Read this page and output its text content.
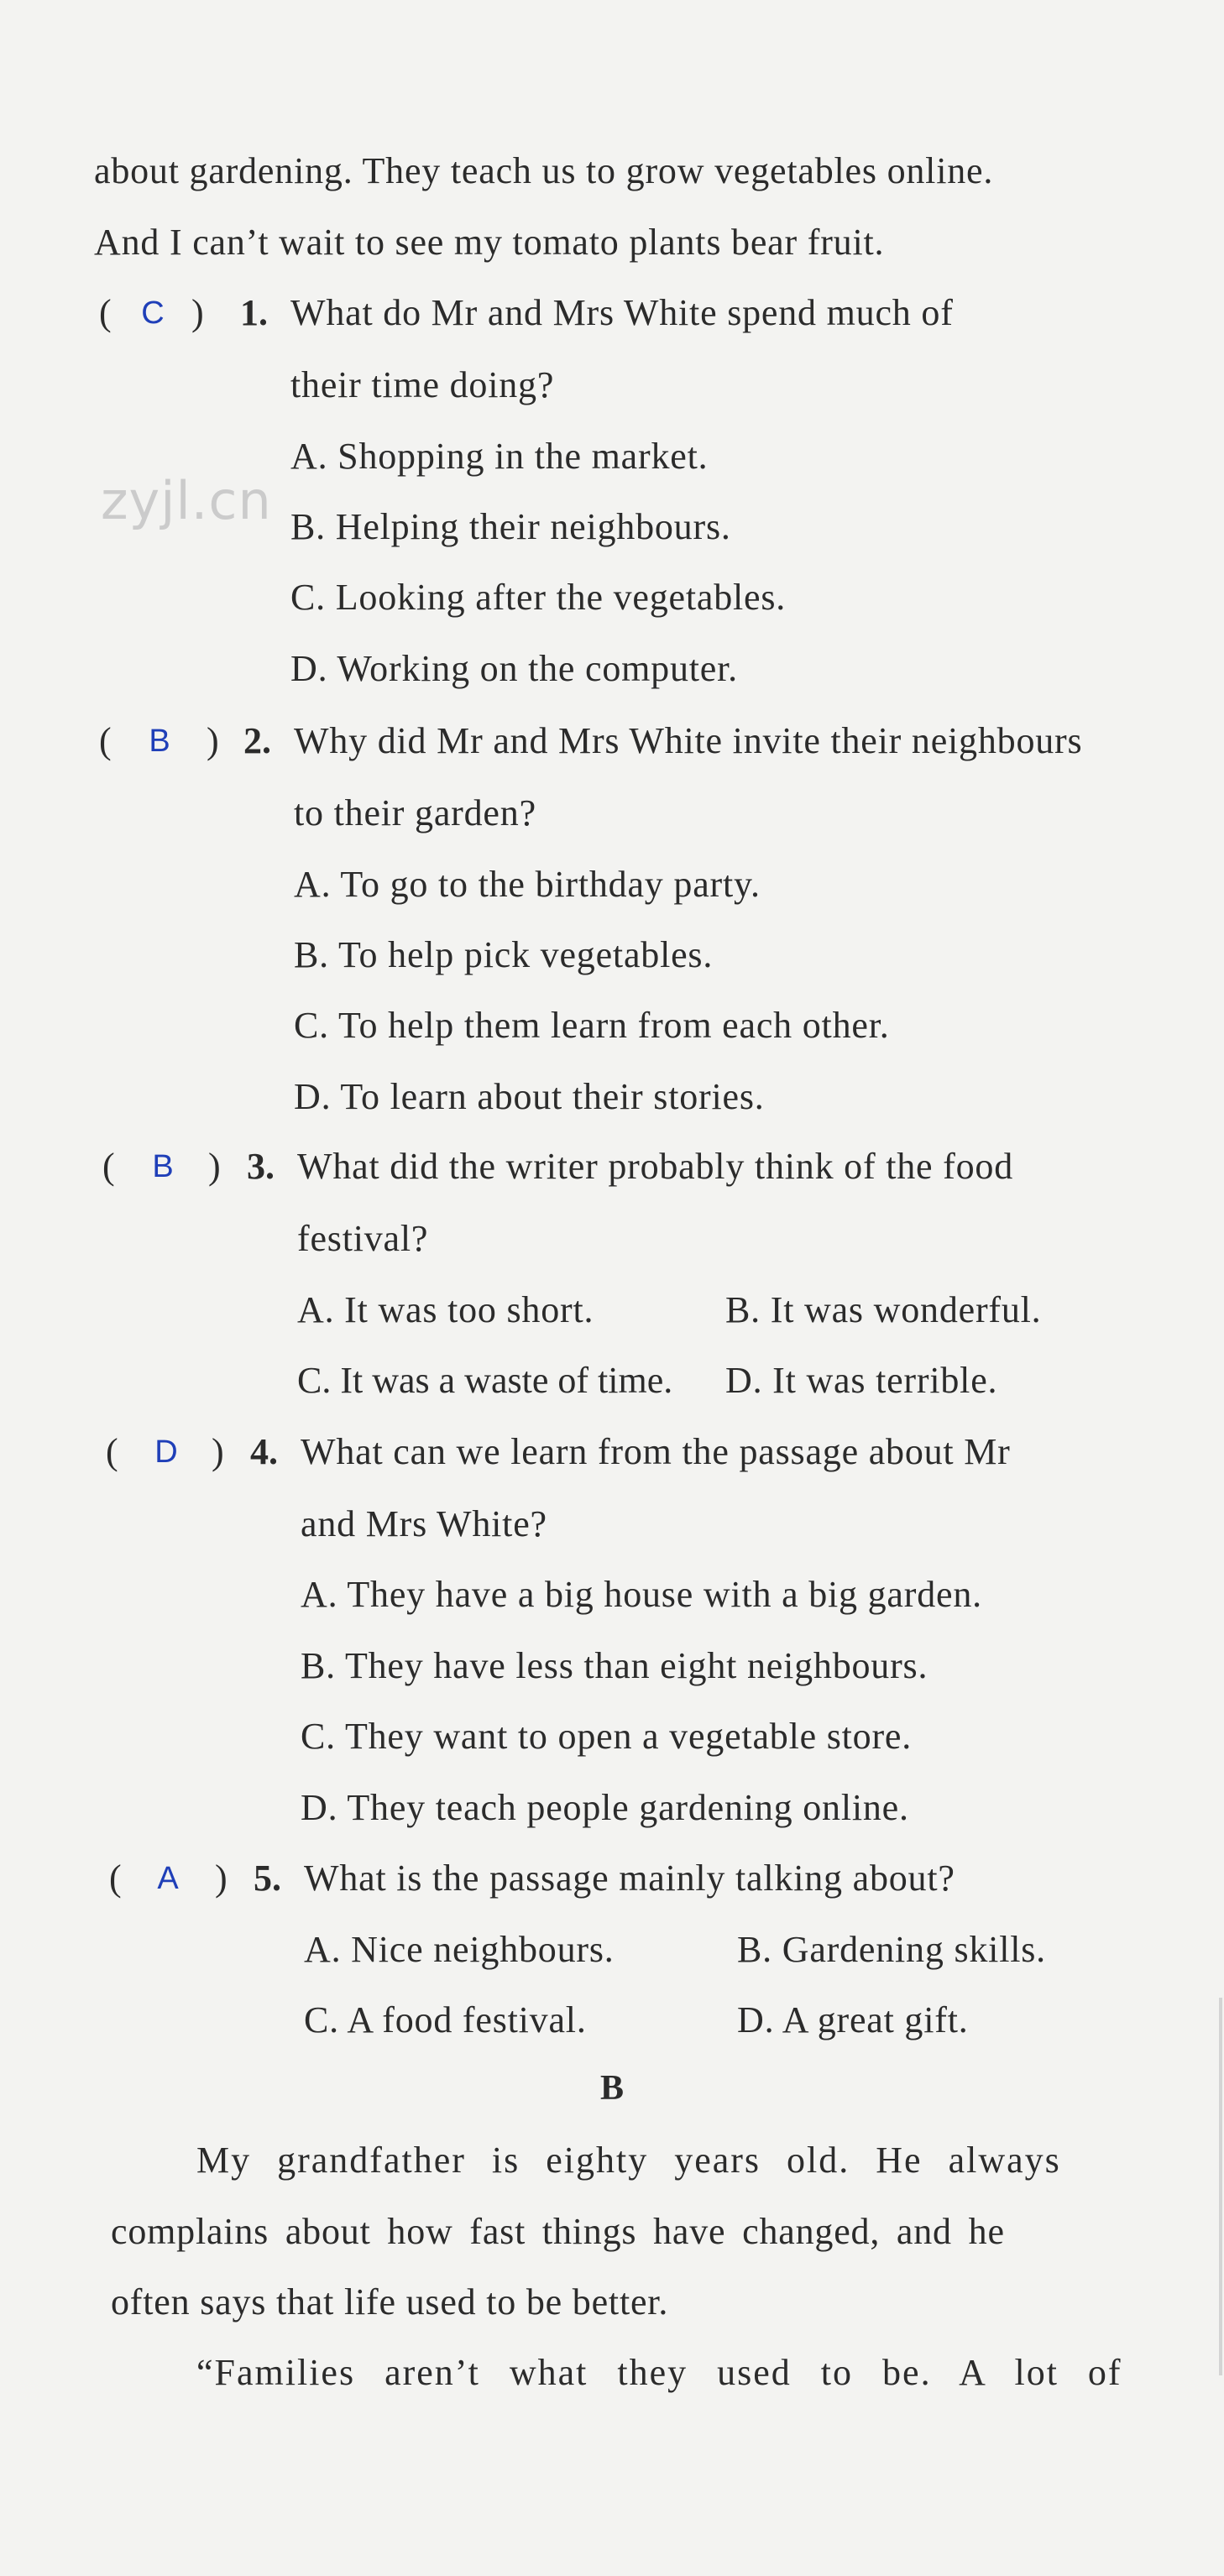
zyjl.cn
about gardening. They teach us to grow vegetables online.
And I can’t wait to see my tomato plants bear fruit.
( C ) 1. What do Mr and Mrs White spend much of
their time doing?
A. Shopping in the market.
B. Helping their neighbours.
C. Looking after the vegetables.
D. Working on the computer.
(	B ) 2. Why did Mr and Mrs White invite their neighbours
to their garden?
A. To go to the birthday party.
B. To help pick vegetables.
C. To help them learn from each other.
D. To learn about their stories.
(	B ) 3. What did the writer probably think of the food
festival?
A. It was too short.	B. It was wonderful.
C. It was a waste of time. D. It was terrible.
(	D ) 4. What can we learn from the passage about Mr
and Mrs White?
A. They have a big house with a big garden.
B. They have less than eight neighbours.
C. They want to open a vegetable store.
D. They teach people gardening online.
(	A ) 5. What is the passage mainly talking about?
A. Nice neighbours.	B. Gardening skills.
C. A food festival.	D. A great gift.
B
My grandfather is eighty years old. He always
complains about how fast things have changed, and he
often says that life used to be better.
“Families aren’t what they used to be. A lot of
